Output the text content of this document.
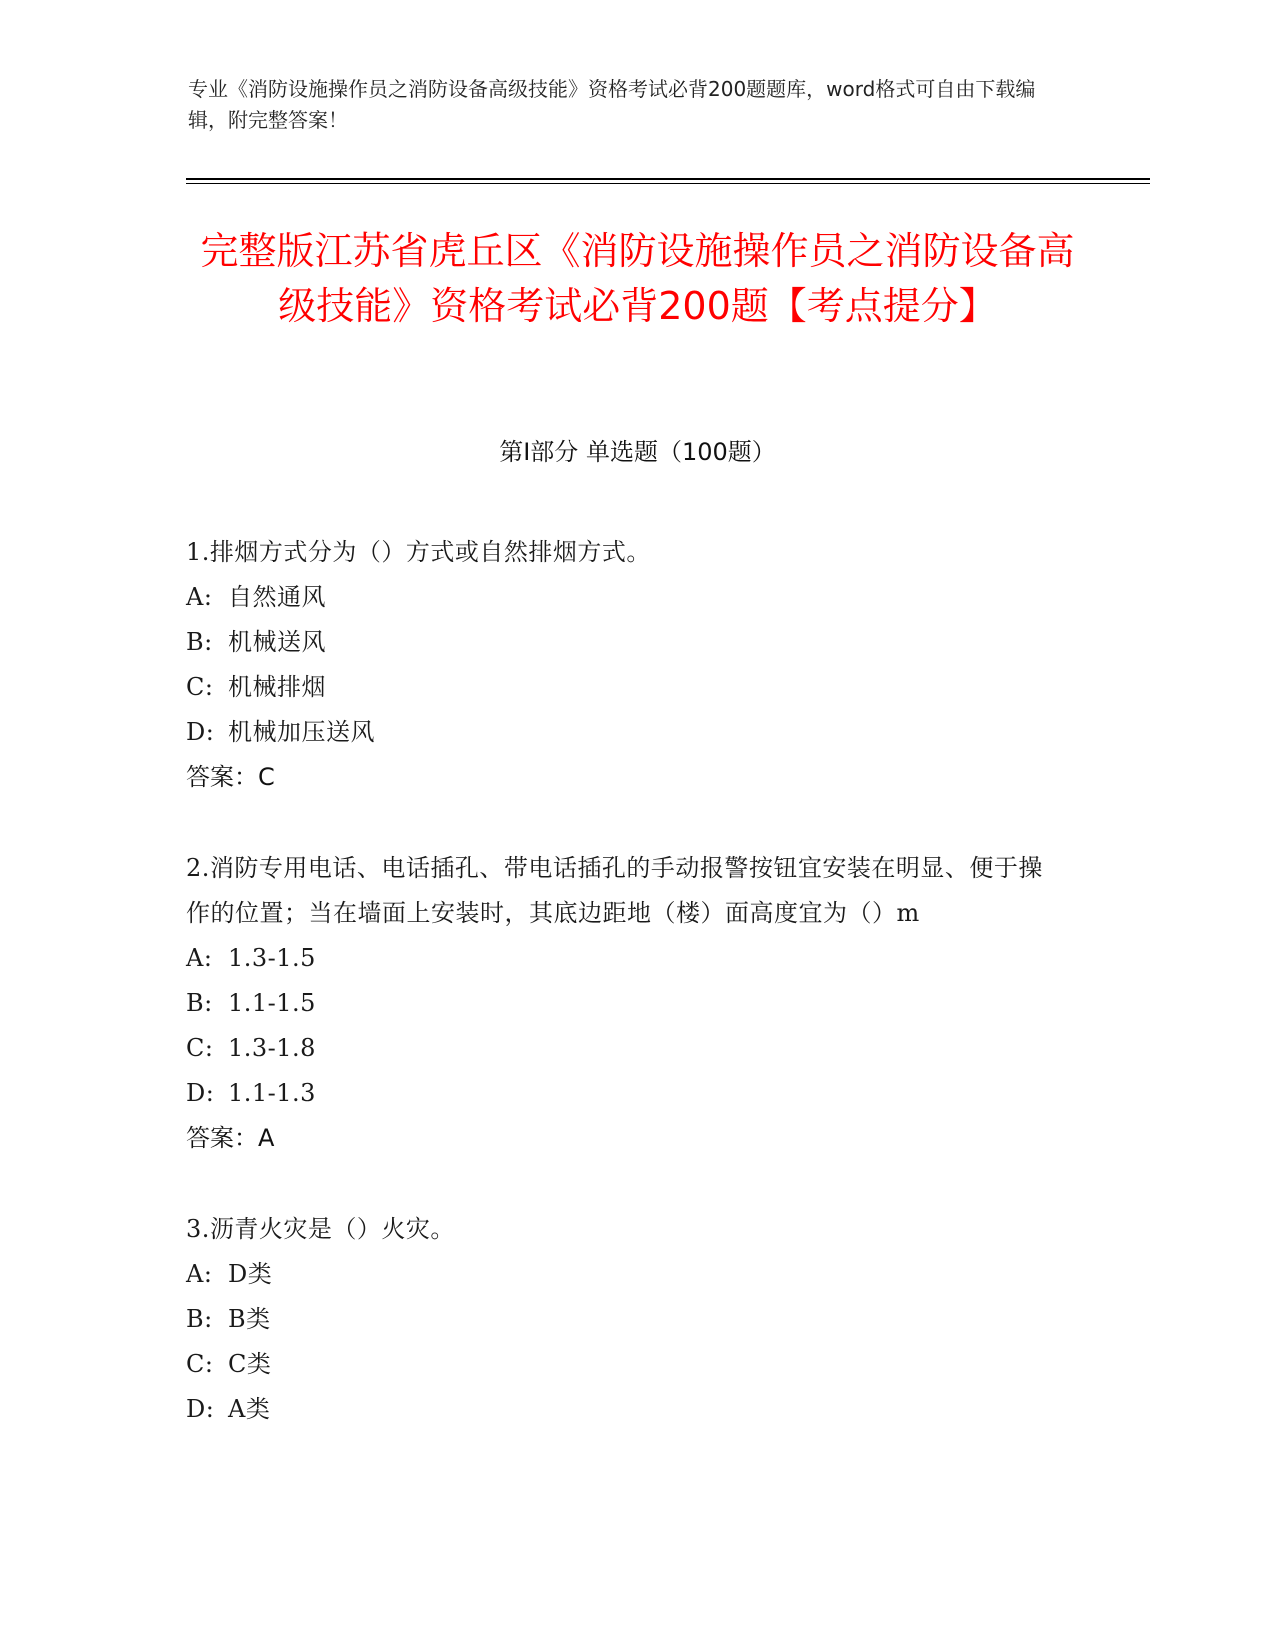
专业《消防设施操作员之消防设备高级技能》资格考试必背200题题库，word格式可自由下载编辑，附完整答案！
完整版江苏省虎丘区《消防设施操作员之消防设备高级技能》资格考试必背200题【考点提分】
第Ⅰ部分 单选题（100题）
1.排烟方式分为（）方式或自然排烟方式。
A: 自然通风
B: 机械送风
C: 机械排烟
D: 机械加压送风
答案：C
2.消防专用电话、电话插孔、带电话插孔的手动报警按钮宜安装在明显、便于操作的位置；当在墙面上安装时，其底边距地（楼）面高度宜为（）m
A: 1.3-1.5
B: 1.1-1.5
C: 1.3-1.8
D: 1.1-1.3
答案：A
3.沥青火灾是（）火灾。
A: D类
B: B类
C: C类
D: A类
